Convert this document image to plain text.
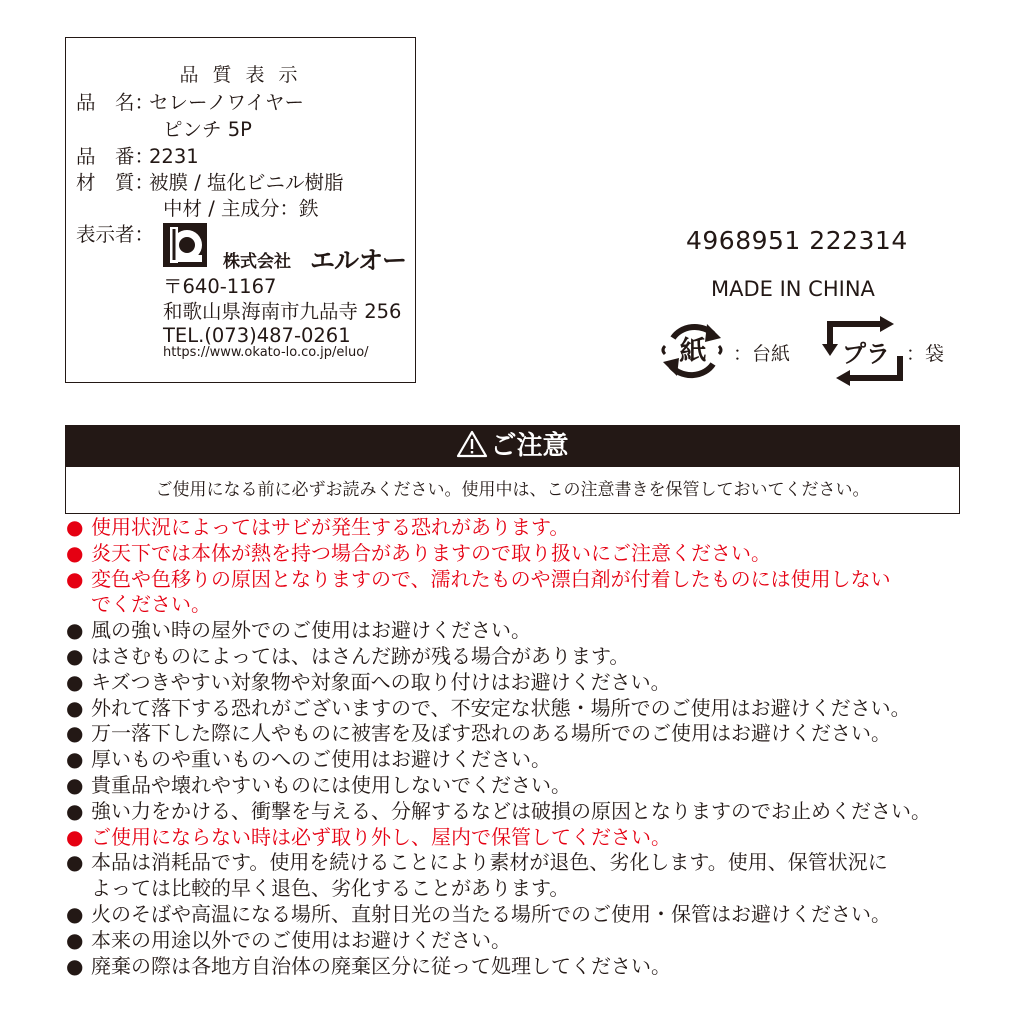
品 質 表 示
品　名：セレーノワイヤー
ピンチ 5P
品　番：2231
材　質：被膜 / 塩化ビニル樹脂
中材 / 主成分：鉄
表示者：
株式会社 エルオー
〒640-1167
和歌山県海南市九品寺 256
TEL.(073)487-0261
https://www.okato-lo.co.jp/eluo/
4968951 222314
MADE IN CHINA
紙 ：台紙 プラ ：袋
ご注意
ご使用になる前に必ずお読みください。使用中は、この注意書きを保管しておいてください。
● 使用状況によってはサビが発生する恐れがあります。
● 炎天下では本体が熱を持つ場合がありますので取り扱いにご注意ください。
● 変色や色移りの原因となりますので、濡れたものや漂白剤が付着したものには使用しない
でください。
● 風の強い時の屋外でのご使用はお避けください。
● はさむものによっては、はさんだ跡が残る場合があります。
● キズつきやすい対象物や対象面への取り付けはお避けください。
● 外れて落下する恐れがございますので、不安定な状態・場所でのご使用はお避けください。
● 万一落下した際に人やものに被害を及ぼす恐れのある場所でのご使用はお避けください。
● 厚いものや重いものへのご使用はお避けください。
● 貴重品や壊れやすいものには使用しないでください。
● 強い力をかける、衝撃を与える、分解するなどは破損の原因となりますのでお止めください。
● ご使用にならない時は必ず取り外し、屋内で保管してください。
● 本品は消耗品です。使用を続けることにより素材が退色、劣化します。使用、保管状況に
よっては比較的早く退色、劣化することがあります。
● 火のそばや高温になる場所、直射日光の当たる場所でのご使用・保管はお避けください。
● 本来の用途以外でのご使用はお避けください。
● 廃棄の際は各地方自治体の廃棄区分に従って処理してください。
